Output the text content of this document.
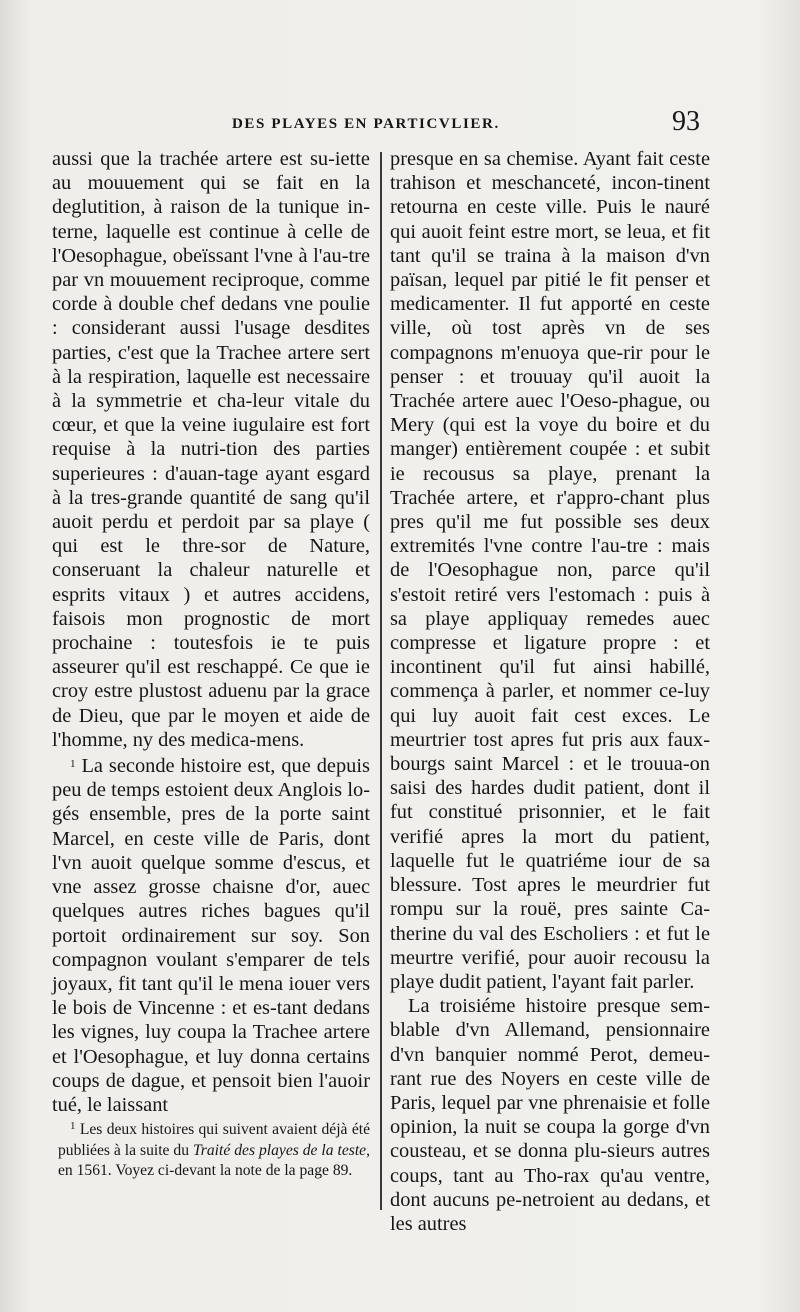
DES PLAYES EN PARTICVLIER.	93

aussi que la trachée artere est su-iette au mouuement qui se fait en la deglutition, à raison de la tunique in-terne, laquelle est continue à celle de l'Oesophague, obeïssant l'vne à l'au-tre par vn mouuement reciproque, comme corde à double chef dedans vne poulie : considerant aussi l'usage desdites parties, c'est que la Trachee artere sert à la respiration, laquelle est necessaire à la symmetrie et cha-leur vitale du cœur, et que la veine iugulaire est fort requise à la nutri-tion des parties superieures : d'auan-tage ayant esgard à la tres-grande quantité de sang qu'il auoit perdu et perdoit par sa playe ( qui est le thre-sor de Nature, conseruant la chaleur naturelle et esprits vitaux ) et autres accidens, faisois mon prognostic de mort prochaine : toutesfois ie te puis asseurer qu'il est reschappé. Ce que ie croy estre plustost aduenu par la grace de Dieu, que par le moyen et aide de l'homme, ny des medica-mens.

$^1$ La seconde histoire est, que depuis peu de temps estoient deux Anglois lo-gés ensemble, pres de la porte saint Marcel, en ceste ville de Paris, dont l'vn auoit quelque somme d'escus, et vne assez grosse chaisne d'or, auec quelques autres riches bagues qu'il portoit ordinairement sur soy. Son compagnon voulant s'emparer de tels joyaux, fit tant qu'il le mena iouer vers le bois de Vincenne : et es-tant dedans les vignes, luy coupa la Trachee artere et l'Oesophague, et luy donna certains coups de dague, et pensoit bien l'auoir tué, le laissant

presque en sa chemise. Ayant fait ceste trahison et meschanceté, incon-tinent retourna en ceste ville. Puis le nauré qui auoit feint estre mort, se leua, et fit tant qu'il se traina à la maison d'vn païsan, lequel par pitié le fit penser et medicamenter. Il fut apporté en ceste ville, où tost après vn de ses compagnons m'enuoya que-rir pour le penser : et trouuay qu'il auoit la Trachée artere auec l'Oeso-phague, ou Mery (qui est la voye du boire et du manger) entièrement coupée : et subit ie recousus sa playe, prenant la Trachée artere, et r'appro-chant plus pres qu'il me fut possible ses deux extremités l'vne contre l'au-tre : mais de l'Oesophague non, parce qu'il s'estoit retiré vers l'estomach : puis à sa playe appliquay remedes auec compresse et ligature propre : et incontinent qu'il fut ainsi habillé, commença à parler, et nommer ce-luy qui luy auoit fait cest exces. Le meurtrier tost apres fut pris aux faux-bourgs saint Marcel : et le trouua-on saisi des hardes dudit patient, dont il fut constitué prisonnier, et le fait verifié apres la mort du patient, laquelle fut le quatriéme iour de sa blessure. Tost apres le meurdrier fut rompu sur la rouë, pres sainte Ca-therine du val des Escholiers : et fut le meurtre verifié, pour auoir recousu la playe dudit patient, l'ayant fait parler.

La troisiéme histoire presque sem-blable d'vn Allemand, pensionnaire d'vn banquier nommé Perot, demeu-rant rue des Noyers en ceste ville de Paris, lequel par vne phrenaisie et folle opinion, la nuit se coupa la gorge d'vn cousteau, et se donna plu-sieurs autres coups, tant au Tho-rax qu'au ventre, dont aucuns pe-netroient au dedans, et les autres

$^1$ Les deux histoires qui suivent avaient déjà été publiées à la suite du Traité des playes de la teste, en 1561. Voyez ci-devant la note de la page 89.
